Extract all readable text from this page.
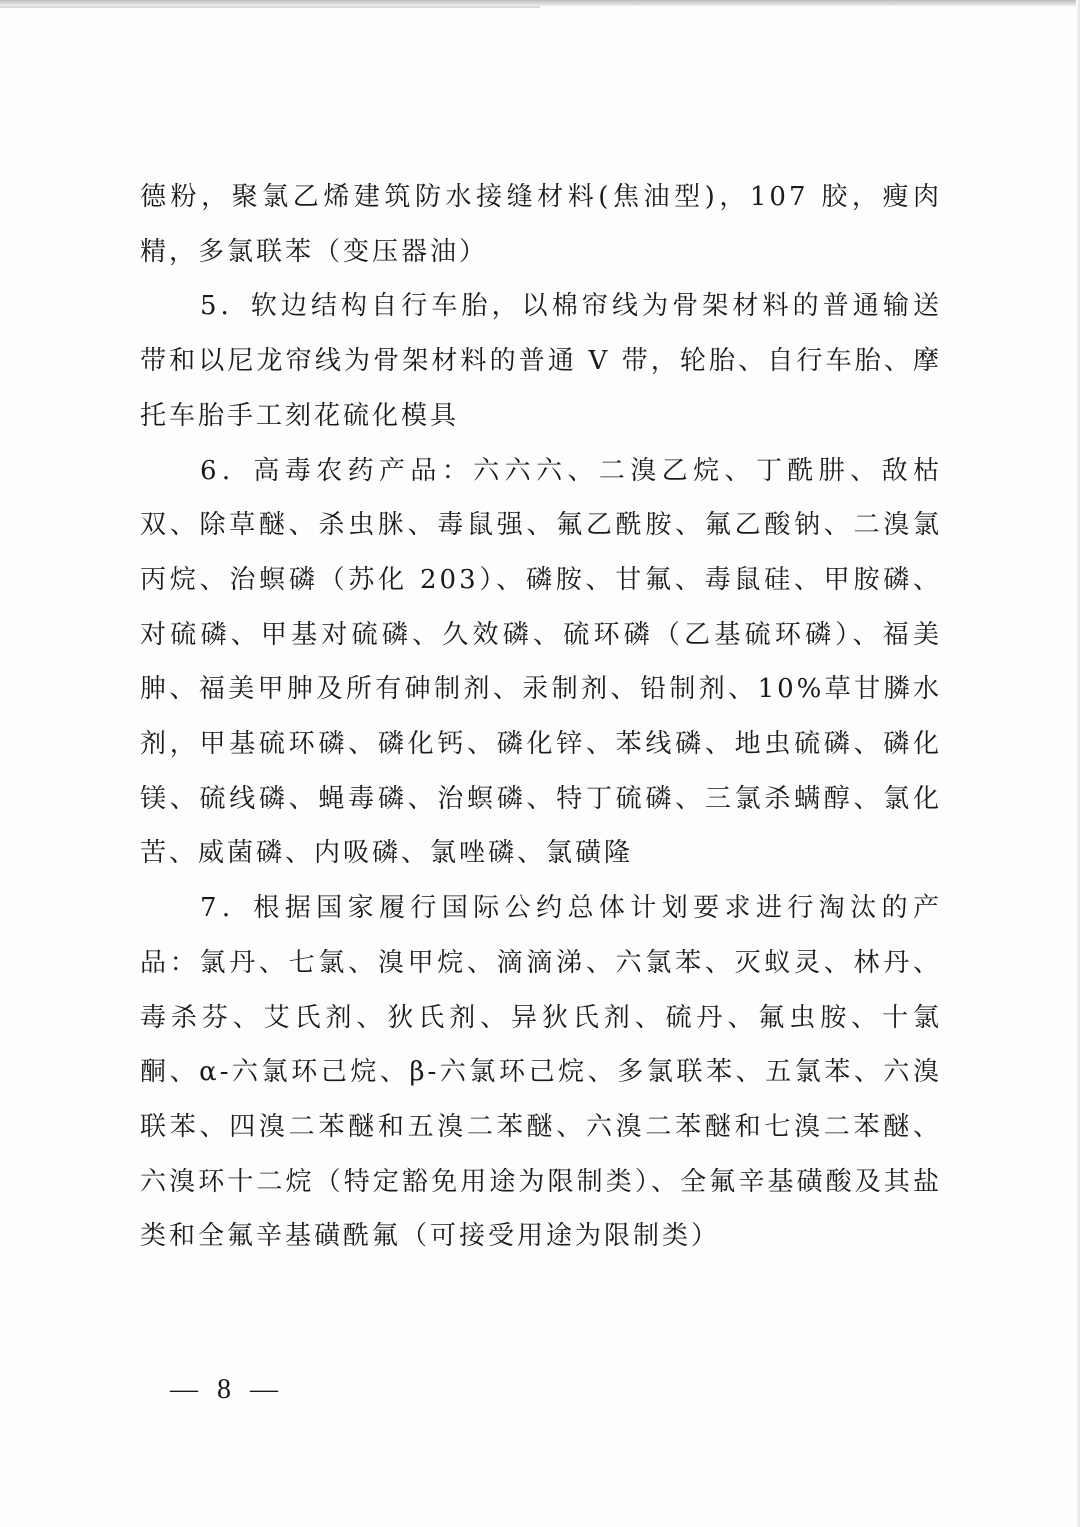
德粉，聚氯乙烯建筑防水接缝材料(焦油型)，107 胶，瘦肉精，多氯联苯（变压器油）

5．软边结构自行车胎，以棉帘线为骨架材料的普通输送带和以尼龙帘线为骨架材料的普通 V 带，轮胎、自行车胎、摩托车胎手工刻花硫化模具

6．高毒农药产品：六六六、二溴乙烷、丁酰肼、敌枯双、除草醚、杀虫脒、毒鼠强、氟乙酰胺、氟乙酸钠、二溴氯丙烷、治螟磷（苏化 203）、磷胺、甘氟、毒鼠硅、甲胺磷、对硫磷、甲基对硫磷、久效磷、硫环磷（乙基硫环磷）、福美胂、福美甲胂及所有砷制剂、汞制剂、铅制剂、10%草甘膦水剂，甲基硫环磷、磷化钙、磷化锌、苯线磷、地虫硫磷、磷化镁、硫线磷、蝇毒磷、治螟磷、特丁硫磷、三氯杀螨醇、氯化苦、威菌磷、内吸磷、氯唑磷、氯磺隆

7．根据国家履行国际公约总体计划要求进行淘汰的产品：氯丹、七氯、溴甲烷、滴滴涕、六氯苯、灭蚁灵、林丹、毒杀芬、艾氏剂、狄氏剂、异狄氏剂、硫丹、氟虫胺、十氯酮、α-六氯环己烷、β-六氯环己烷、多氯联苯、五氯苯、六溴联苯、四溴二苯醚和五溴二苯醚、六溴二苯醚和七溴二苯醚、六溴环十二烷（特定豁免用途为限制类）、全氟辛基磺酸及其盐类和全氟辛基磺酰氟（可接受用途为限制类）

— 8 —
